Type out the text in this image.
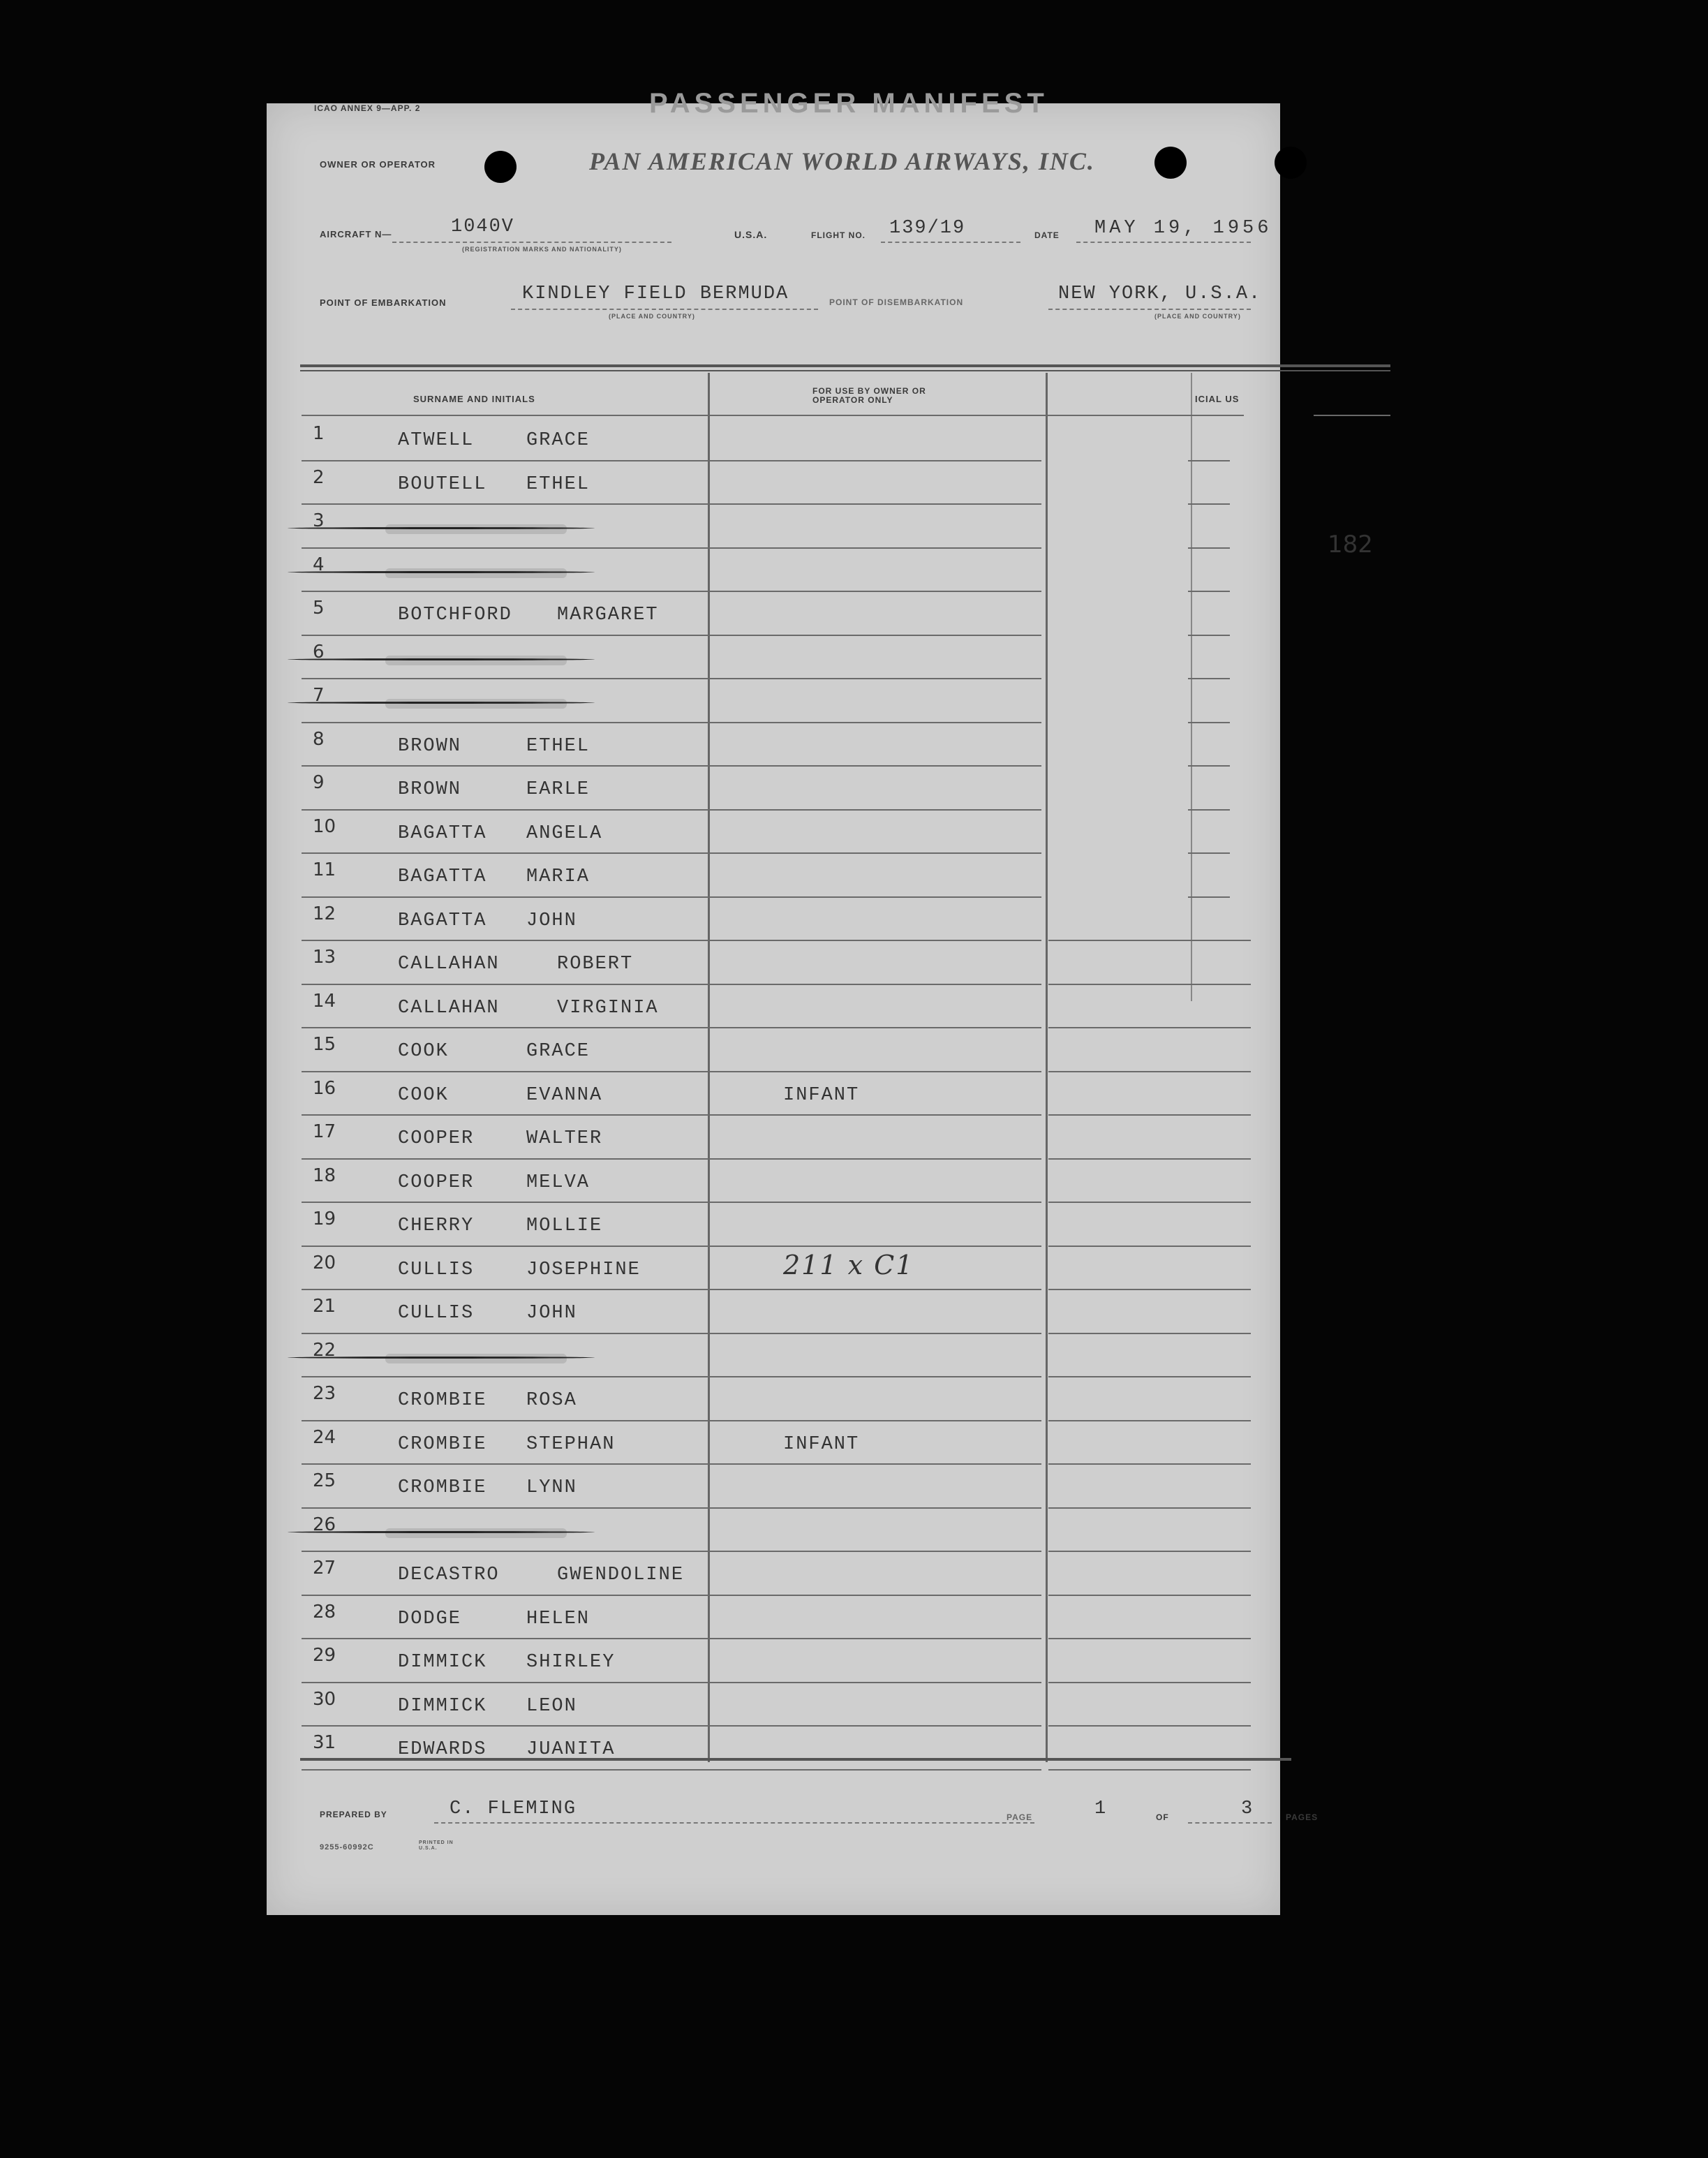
ICAO ANNEX 9—APP. 2	PASSENGER MANIFEST
OWNER OR OPERATOR	PAN AMERICAN WORLD AIRWAYS, INC.
AIRCRAFT N—	1040V
(REGISTRATION MARKS AND NATIONALITY)
U.S.A.	FLIGHT NO. 139/19	DATE MAY 19, 1956
POINT OF EMBARKATION	KINDLEY FIELD BERMUDA
(PLACE AND COUNTRY)
POINT OF DISEMBARKATION	NEW YORK, U.S.A.
(PLACE AND COUNTRY)
SURNAME AND INITIALS
FOR USE BY OWNER OR OPERATOR ONLY	ICIAL US
182
1	ATWELL	GRACE
2	BOUTELL ETHEL
3
4
5	BOTCHFORD MARGARET
6
7
8	BROWN	ETHEL
9	BROWN	EARLE
10	BAGATTA ANGELA
11	BAGATTA MARIA
12	BAGATTA JOHN
13	CALLAHAN	ROBERT
14	CALLAHAN	VIRGINIA
15	COOK	GRACE
16	COOK	EVANNA	INFANT
17	COOPER	WALTER
18	COOPER	MELVA
19	CHERRY	MOLLIE
20	CULLIS	JOSEPHINE	211 x C1
21	CULLIS	JOHN
22
23	CROMBIE ROSA
24	CROMBIE STEPHAN	INFANT
25	CROMBIE LYNN
26
27	DECASTRO	GWENDOLINE
28	DODGE	HELEN
29	DIMMICK SHIRLEY
30	DIMMICK LEON
31	EDWARDS JUANITA
PREPARED BY	C. FLEMING	PAGE	1	OF	3	PAGES
9255-60992C
PRINTED IN U.S.A.
